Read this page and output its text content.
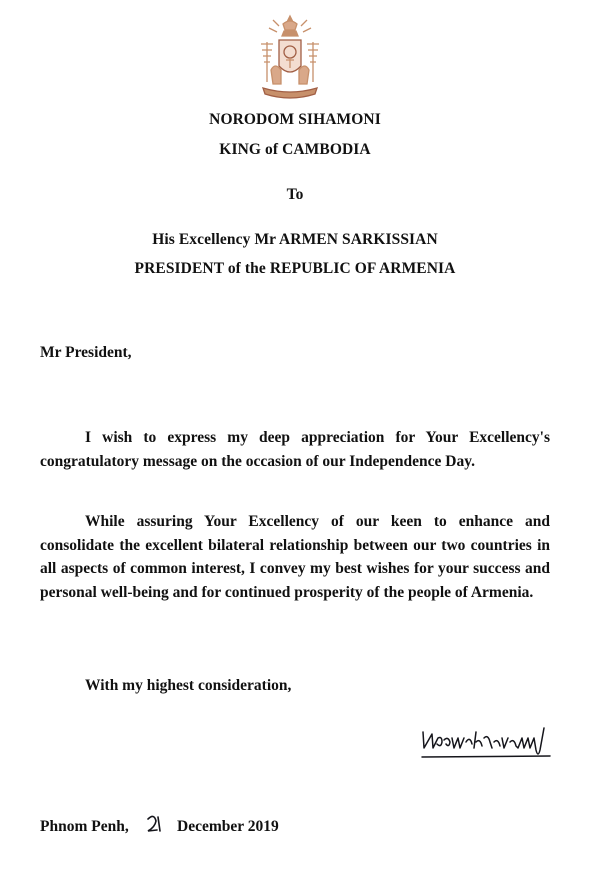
NORODOM SIHAMONI
KING of CAMBODIA
To
His Excellency Mr ARMEN SARKISSIAN
PRESIDENT of the REPUBLIC OF ARMENIA
Mr President,

I wish to express my deep appreciation for Your Excellency's congratulatory message on the occasion of our Independence Day.

While assuring Your Excellency of our keen to enhance and consolidate the excellent bilateral relationship between our two countries in all aspects of common interest, I convey my best wishes for your success and personal well-being and for continued prosperity of the people of Armenia.

With my highest consideration,
Phnom Penh,	December 2019
